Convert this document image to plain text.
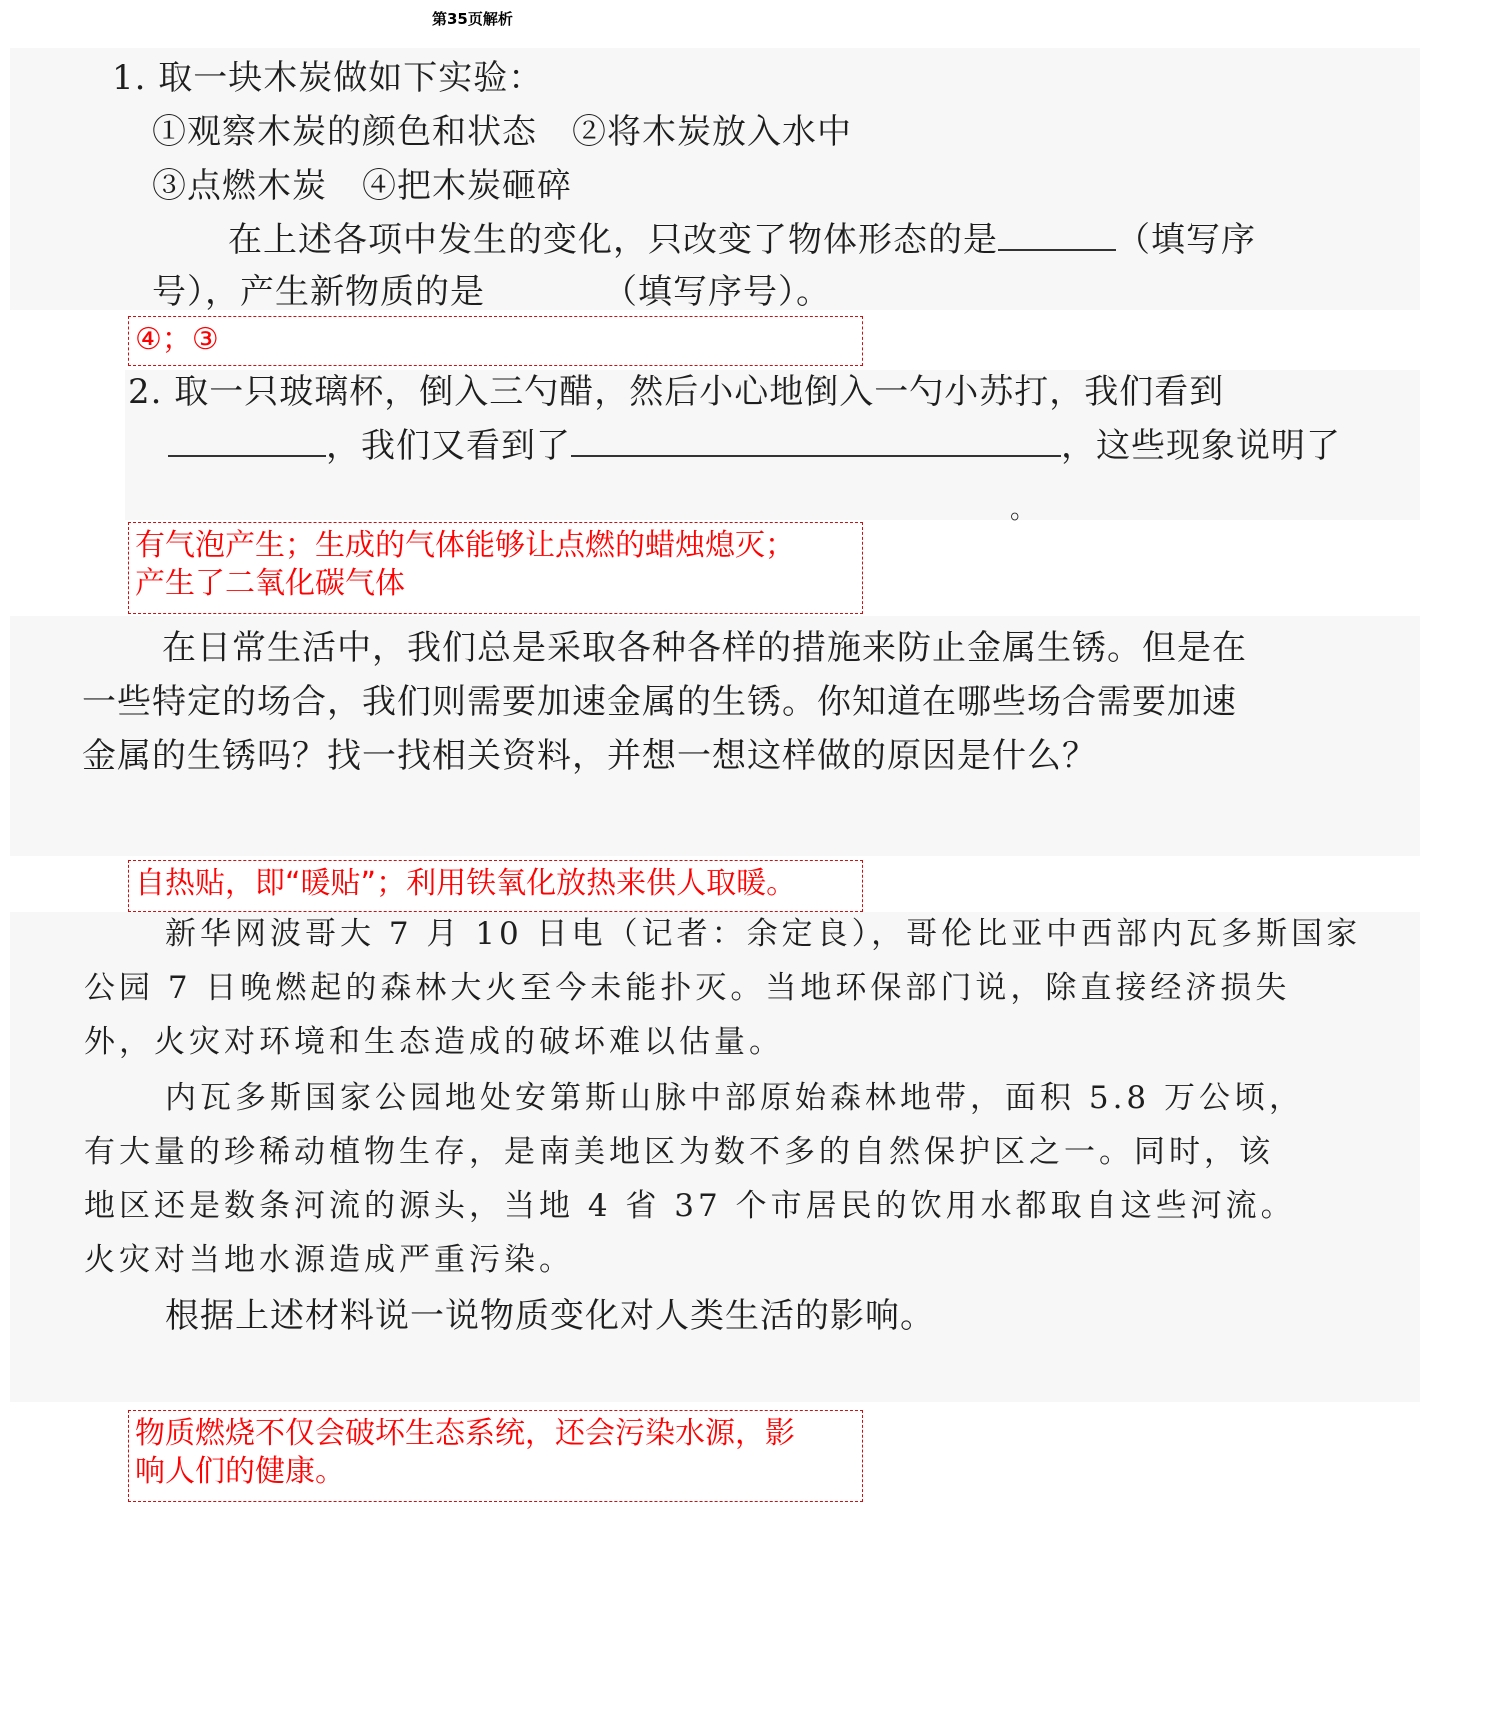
第35页解析
1. 取一块木炭做如下实验：
①观察木炭的颜色和状态　②将木炭放入水中
③点燃木炭　④把木炭砸碎
在上述各项中发生的变化，只改变了物体形态的是	（填写序
号），产生新物质的是	（填写序号）。
④；③
2. 取一只玻璃杯，倒入三勺醋，然后小心地倒入一勺小苏打，我们看到
，我们又看到了	，这些现象说明了
。
有气泡产生；生成的气体能够让点燃的蜡烛熄灭；
产生了二氧化碳气体
在日常生活中，我们总是采取各种各样的措施来防止金属生锈。但是在
一些特定的场合，我们则需要加速金属的生锈。你知道在哪些场合需要加速
金属的生锈吗？找一找相关资料，并想一想这样做的原因是什么？
自热贴，即“暖贴”；利用铁氧化放热来供人取暖。
新华网波哥大 7 月 10 日电（记者：余定良），哥伦比亚中西部内瓦多斯国家
公园 7 日晚燃起的森林大火至今未能扑灭。当地环保部门说，除直接经济损失
外，火灾对环境和生态造成的破坏难以估量。
内瓦多斯国家公园地处安第斯山脉中部原始森林地带，面积 5.8 万公顷，
有大量的珍稀动植物生存，是南美地区为数不多的自然保护区之一。同时，该
地区还是数条河流的源头，当地 4 省 37 个市居民的饮用水都取自这些河流。
火灾对当地水源造成严重污染。
根据上述材料说一说物质变化对人类生活的影响。
物质燃烧不仅会破坏生态系统，还会污染水源，影
响人们的健康。
